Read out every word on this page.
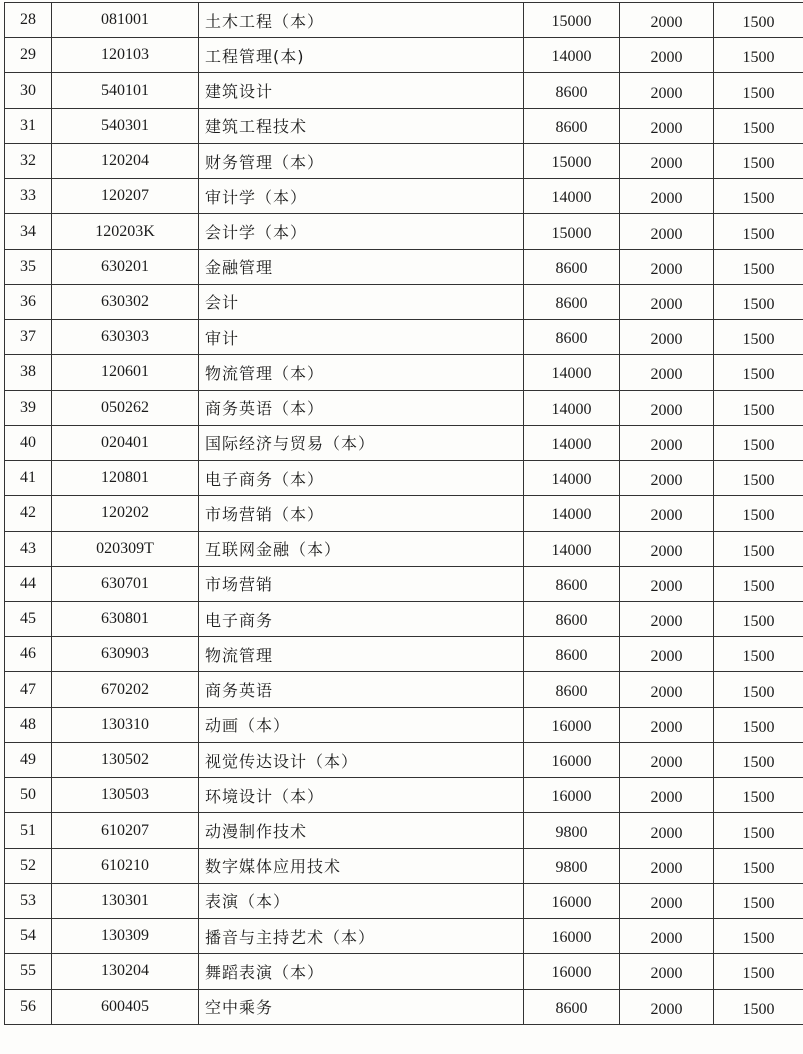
28	081001	土木工程（本）	15000	2000	1500
29	120103	工程管理(本)	14000	2000	1500
30	540101	建筑设计	8600	2000	1500
31	540301	建筑工程技术	8600	2000	1500
32	120204	财务管理（本）	15000	2000	1500
33	120207	审计学（本）	14000	2000	1500
34	120203K	会计学（本）	15000	2000	1500
35	630201	金融管理	8600	2000	1500
36	630302	会计	8600	2000	1500
37	630303	审计	8600	2000	1500
38	120601	物流管理（本）	14000	2000	1500
39	050262	商务英语（本）	14000	2000	1500
40	020401	国际经济与贸易（本）	14000	2000	1500
41	120801	电子商务（本）	14000	2000	1500
42	120202	市场营销（本）	14000	2000	1500
43	020309T	互联网金融（本）	14000	2000	1500
44	630701	市场营销	8600	2000	1500
45	630801	电子商务	8600	2000	1500
46	630903	物流管理	8600	2000	1500
47	670202	商务英语	8600	2000	1500
48	130310	动画（本）	16000	2000	1500
49	130502	视觉传达设计（本）	16000	2000	1500
50	130503	环境设计（本）	16000	2000	1500
51	610207	动漫制作技术	9800	2000	1500
52	610210	数字媒体应用技术	9800	2000	1500
53	130301	表演（本）	16000	2000	1500
54	130309	播音与主持艺术（本）	16000	2000	1500
55	130204	舞蹈表演（本）	16000	2000	1500
56	600405	空中乘务	8600	2000	1500
